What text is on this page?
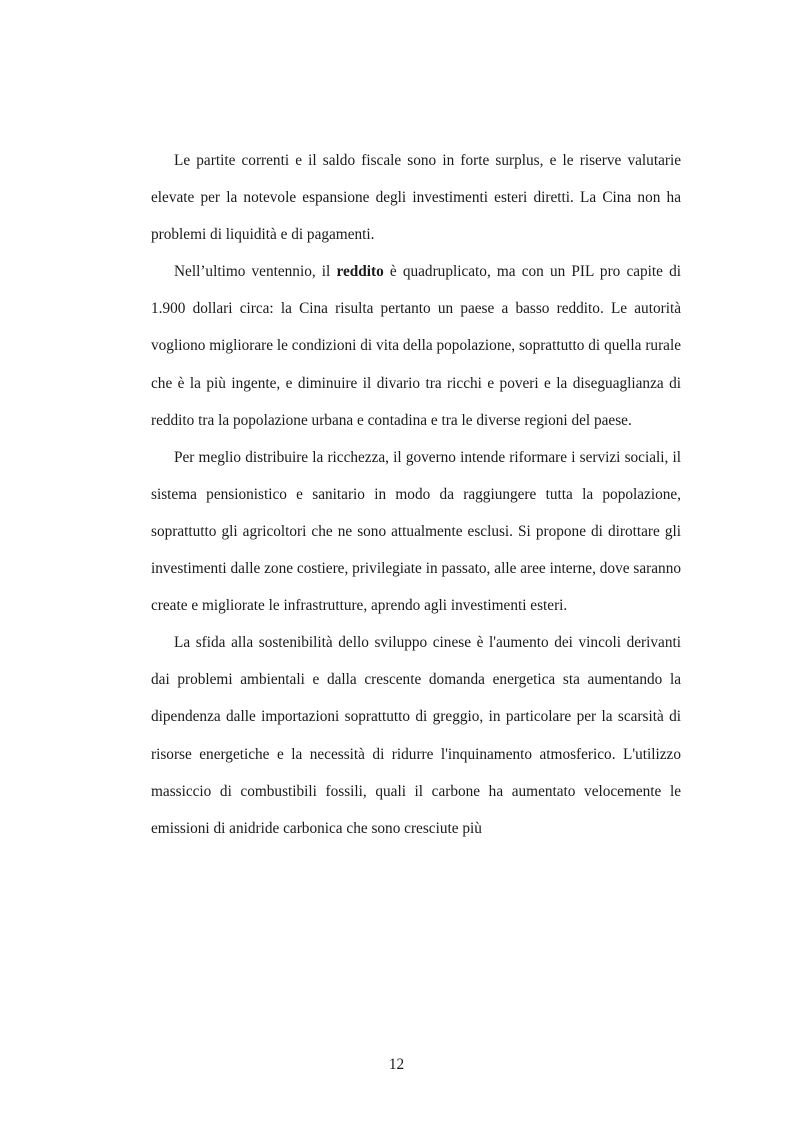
Le partite correnti e il saldo fiscale sono in forte surplus, e le riserve valutarie elevate per la notevole espansione degli investimenti esteri diretti. La Cina non ha problemi di liquidità e di pagamenti.

Nell’ultimo ventennio, il reddito è quadruplicato, ma con un PIL pro capite di 1.900 dollari circa: la Cina risulta pertanto un paese a basso reddito. Le autorità vogliono migliorare le condizioni di vita della popolazione, soprattutto di quella rurale che è la più ingente, e diminuire il divario tra ricchi e poveri e la diseguaglianza di reddito tra la popolazione urbana e contadina e tra le diverse regioni del paese.

Per meglio distribuire la ricchezza, il governo intende riformare i servizi sociali, il sistema pensionistico e sanitario in modo da raggiungere tutta la popolazione, soprattutto gli agricoltori che ne sono attualmente esclusi. Si propone di dirottare gli investimenti dalle zone costiere, privilegiate in passato, alle aree interne, dove saranno create e migliorate le infrastrutture, aprendo agli investimenti esteri.

La sfida alla sostenibilità dello sviluppo cinese è l'aumento dei vincoli derivanti dai problemi ambientali e dalla crescente domanda energetica sta aumentando la dipendenza dalle importazioni soprattutto di greggio, in particolare per la scarsità di risorse energetiche e la necessità di ridurre l'inquinamento atmosferico. L'utilizzo massiccio di combustibili fossili, quali il carbone ha aumentato velocemente le emissioni di anidride carbonica che sono cresciute più

12
